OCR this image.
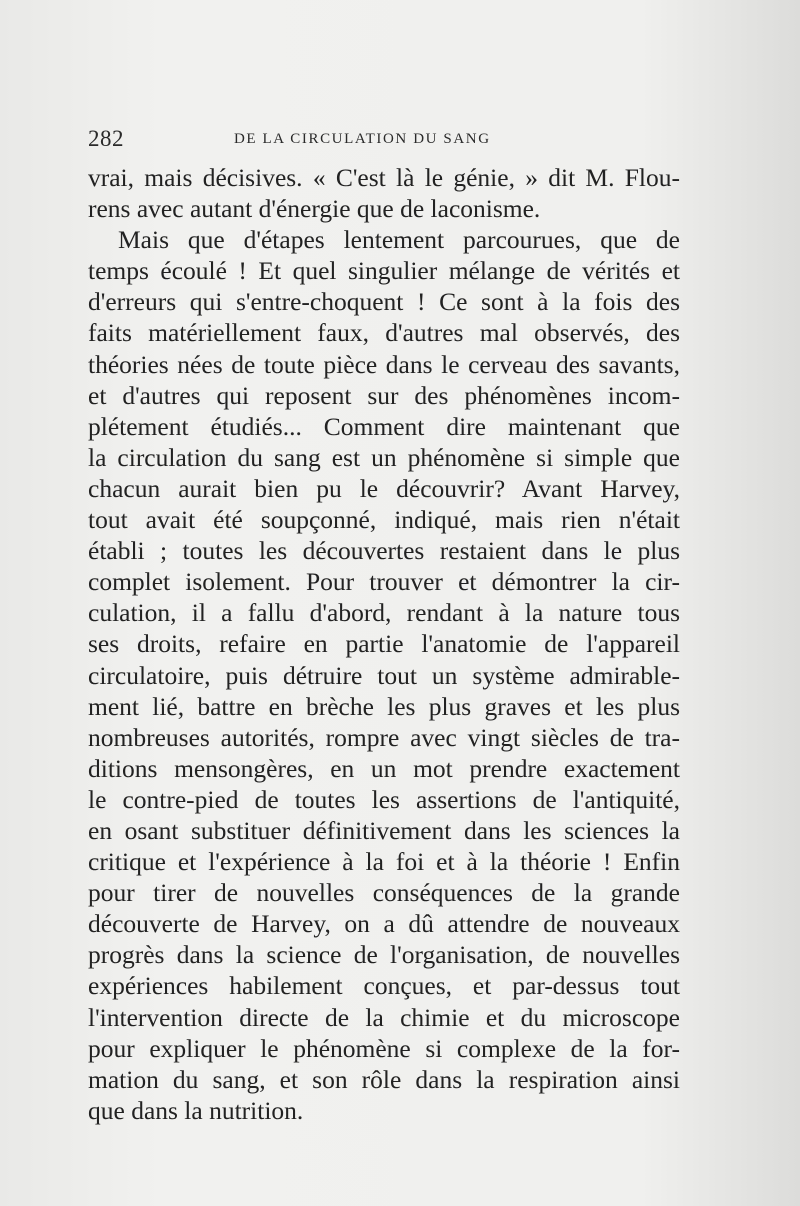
282	DE LA CIRCULATION DU SANG
vrai, mais décisives. « C'est là le génie, » dit M. Flou-
rens avec autant d'énergie que de laconisme.
Mais que d'étapes lentement parcourues, que de
temps écoulé ! Et quel singulier mélange de vérités et
d'erreurs qui s'entre-choquent ! Ce sont à la fois des
faits matériellement faux, d'autres mal observés, des
théories nées de toute pièce dans le cerveau des savants,
et d'autres qui reposent sur des phénomènes incom-
plétement étudiés... Comment dire maintenant que
la circulation du sang est un phénomène si simple que
chacun aurait bien pu le découvrir? Avant Harvey,
tout avait été soupçonné, indiqué, mais rien n'était
établi ; toutes les découvertes restaient dans le plus
complet isolement. Pour trouver et démontrer la cir-
culation, il a fallu d'abord, rendant à la nature tous
ses droits, refaire en partie l'anatomie de l'appareil
circulatoire, puis détruire tout un système admirable-
ment lié, battre en brèche les plus graves et les plus
nombreuses autorités, rompre avec vingt siècles de tra-
ditions mensongères, en un mot prendre exactement
le contre-pied de toutes les assertions de l'antiquité,
en osant substituer définitivement dans les sciences la
critique et l'expérience à la foi et à la théorie ! Enfin
pour tirer de nouvelles conséquences de la grande
découverte de Harvey, on a dû attendre de nouveaux
progrès dans la science de l'organisation, de nouvelles
expériences habilement conçues, et par-dessus tout
l'intervention directe de la chimie et du microscope
pour expliquer le phénomène si complexe de la for-
mation du sang, et son rôle dans la respiration ainsi
que dans la nutrition.
